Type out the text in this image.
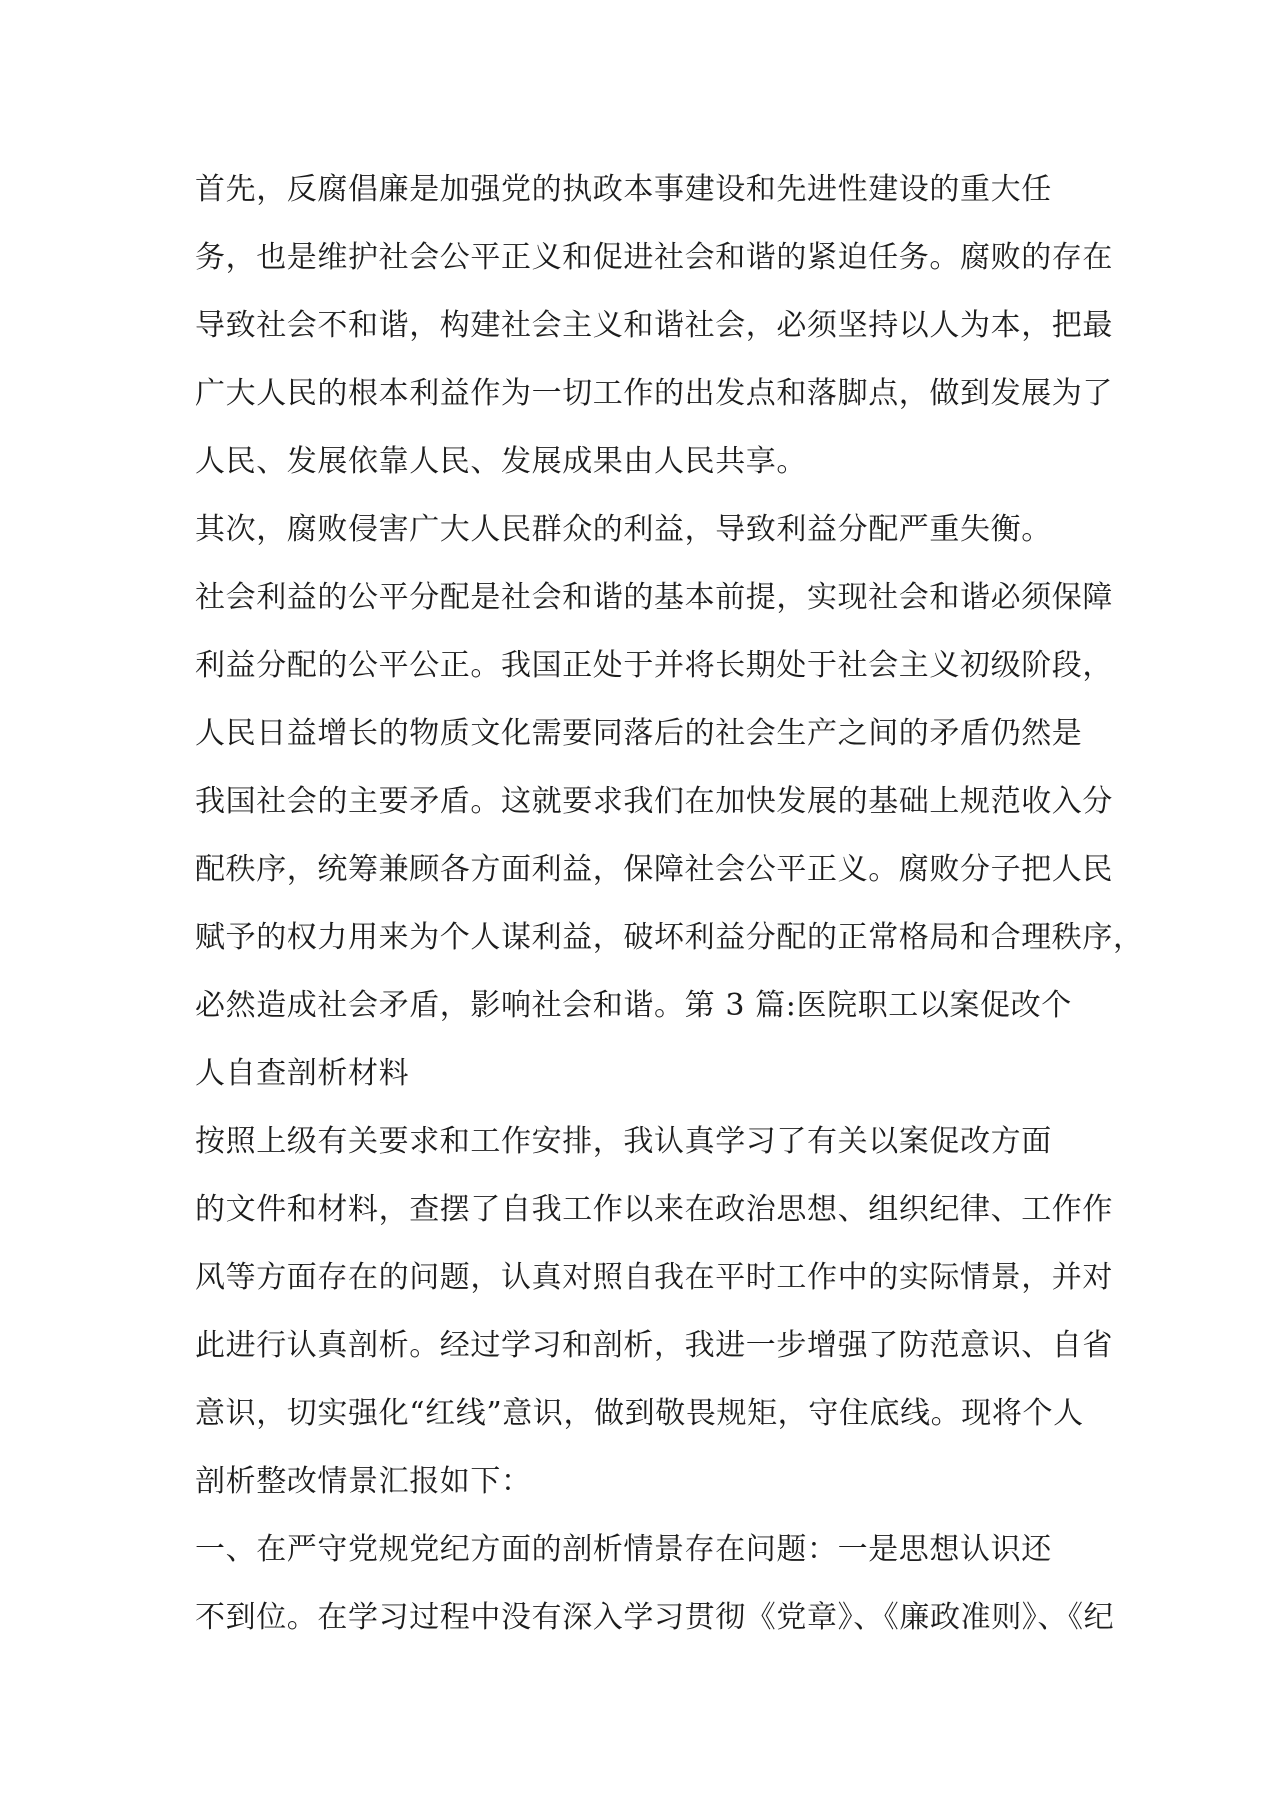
首先，反腐倡廉是加强党的执政本事建设和先进性建设的重大任
务，也是维护社会公平正义和促进社会和谐的紧迫任务。腐败的存在
导致社会不和谐，构建社会主义和谐社会，必须坚持以人为本，把最
广大人民的根本利益作为一切工作的出发点和落脚点，做到发展为了
人民、发展依靠人民、发展成果由人民共享。
其次，腐败侵害广大人民群众的利益，导致利益分配严重失衡。
社会利益的公平分配是社会和谐的基本前提，实现社会和谐必须保障
利益分配的公平公正。我国正处于并将长期处于社会主义初级阶段，
人民日益增长的物质文化需要同落后的社会生产之间的矛盾仍然是
我国社会的主要矛盾。这就要求我们在加快发展的基础上规范收入分
配秩序，统筹兼顾各方面利益，保障社会公平正义。腐败分子把人民
赋予的权力用来为个人谋利益，破坏利益分配的正常格局和合理秩序，
必然造成社会矛盾，影响社会和谐。第 3 篇:医院职工以案促改个
人自查剖析材料
按照上级有关要求和工作安排，我认真学习了有关以案促改方面
的文件和材料，查摆了自我工作以来在政治思想、组织纪律、工作作
风等方面存在的问题，认真对照自我在平时工作中的实际情景，并对
此进行认真剖析。经过学习和剖析，我进一步增强了防范意识、自省
意识，切实强化“红线”意识，做到敬畏规矩，守住底线。现将个人
剖析整改情景汇报如下：
一、在严守党规党纪方面的剖析情景存在问题：一是思想认识还
不到位。在学习过程中没有深入学习贯彻《党章》、《廉政准则》、《纪
